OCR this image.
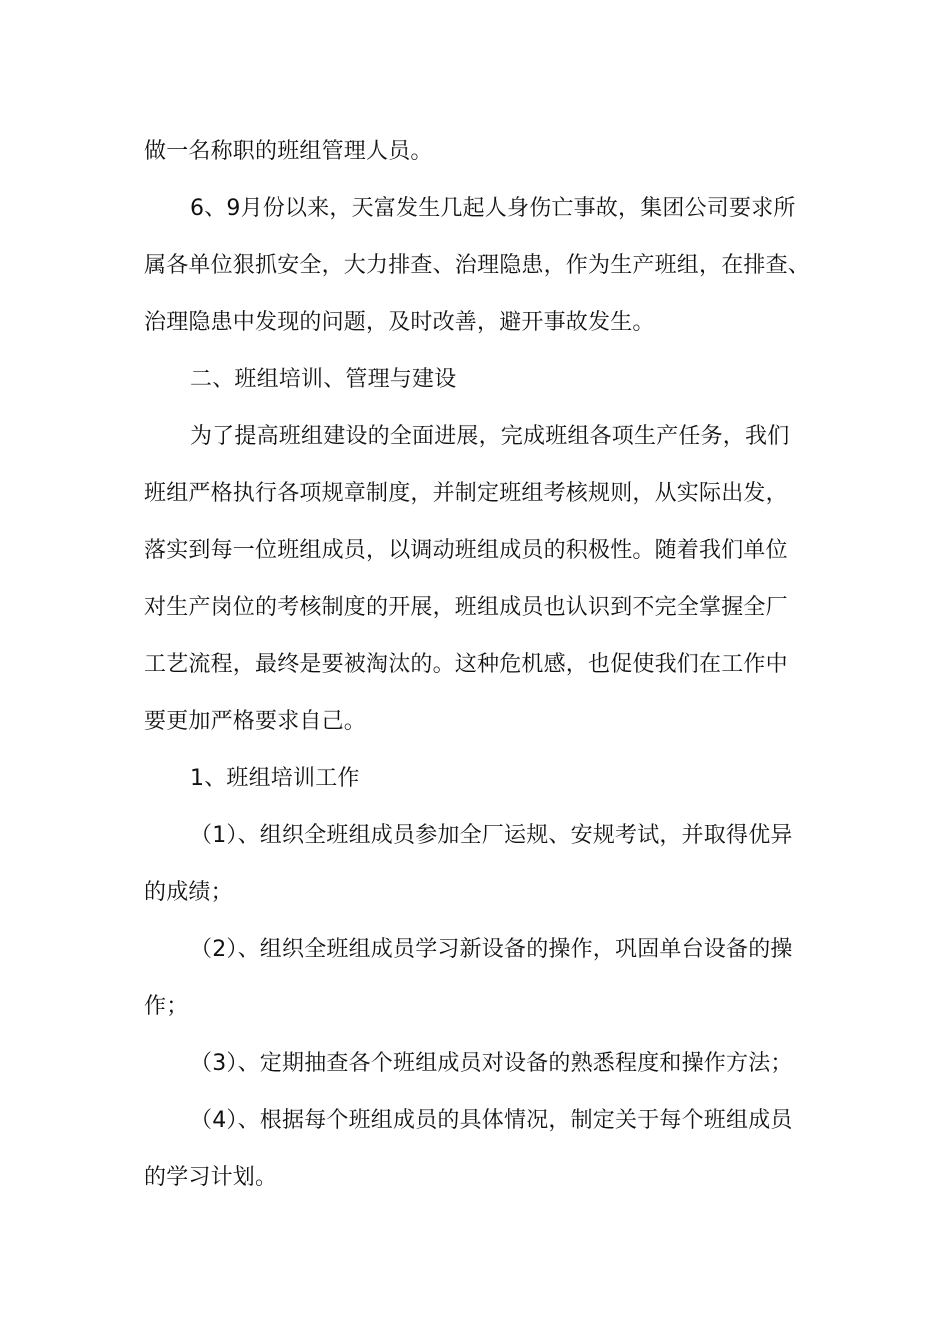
做一名称职的班组管理人员。
6、9月份以来，天富发生几起人身伤亡事故，集团公司要求所
属各单位狠抓安全，大力排查、治理隐患，作为生产班组，在排查、
治理隐患中发现的问题，及时改善，避开事故发生。
二、班组培训、管理与建设
为了提高班组建设的全面进展，完成班组各项生产任务，我们
班组严格执行各项规章制度，并制定班组考核规则，从实际出发，
落实到每一位班组成员，以调动班组成员的积极性。随着我们单位
对生产岗位的考核制度的开展，班组成员也认识到不完全掌握全厂
工艺流程，最终是要被淘汰的。这种危机感，也促使我们在工作中
要更加严格要求自己。
1、班组培训工作
（1）、组织全班组成员参加全厂运规、安规考试，并取得优异
的成绩；
（2）、组织全班组成员学习新设备的操作，巩固单台设备的操
作；
（3）、定期抽查各个班组成员对设备的熟悉程度和操作方法；
（4）、根据每个班组成员的具体情况，制定关于每个班组成员
的学习计划。
